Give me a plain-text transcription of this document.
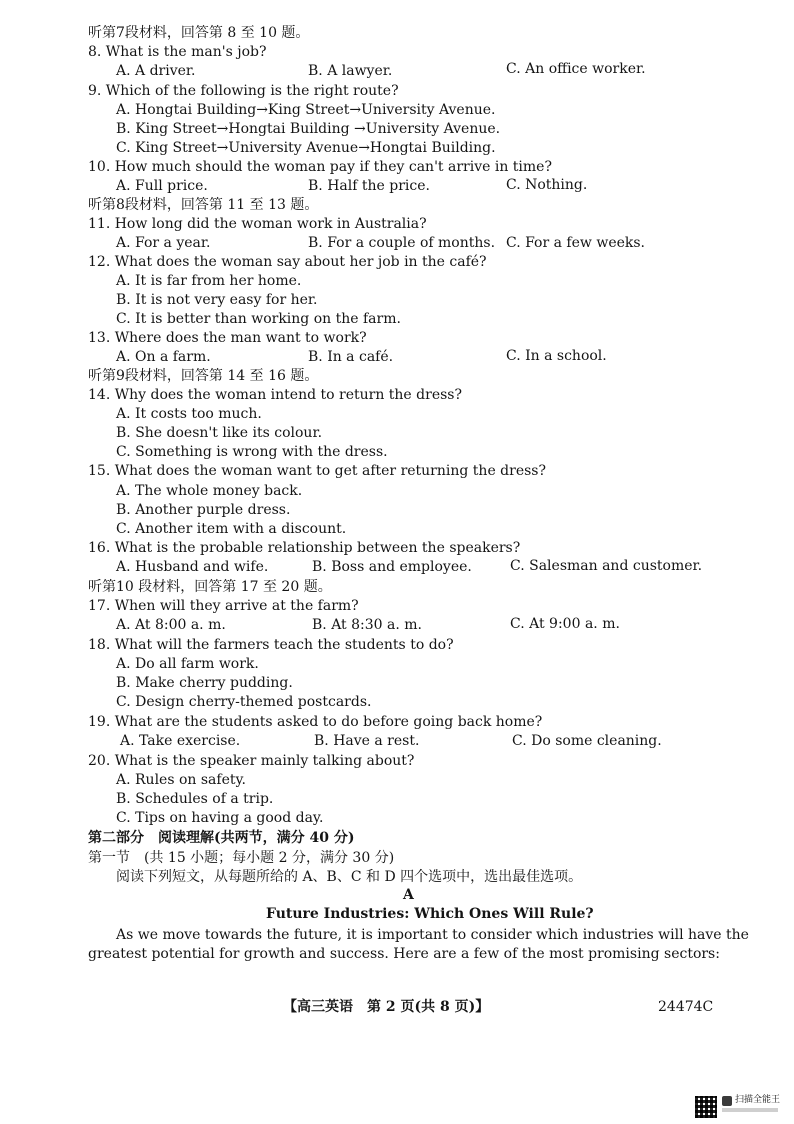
听第7段材料，回答第 8 至 10 题。
8. What is the man's job?
A. A driver.	B. A lawyer.	C. An office worker.
9. Which of the following is the right route?
A. Hongtai Building→King Street→University Avenue.
B. King Street→Hongtai Building →University Avenue.
C. King Street→University Avenue→Hongtai Building.
10. How much should the woman pay if they can't arrive in time?
A. Full price.	B. Half the price.	C. Nothing.
听第8段材料，回答第 11 至 13 题。
11. How long did the woman work in Australia?
A. For a year.	B. For a couple of months. C. For a few weeks.
12. What does the woman say about her job in the café?
A. It is far from her home.
B. It is not very easy for her.
C. It is better than working on the farm.
13. Where does the man want to work?
A. On a farm.	B. In a café.	C. In a school.
听第9段材料，回答第 14 至 16 题。
14. Why does the woman intend to return the dress?
A. It costs too much.
B. She doesn't like its colour.
C. Something is wrong with the dress.
15. What does the woman want to get after returning the dress?
A. The whole money back.
B. Another purple dress.
C. Another item with a discount.
16. What is the probable relationship between the speakers?
A. Husband and wife.	B. Boss and employee.	C. Salesman and customer.
听第10 段材料，回答第 17 至 20 题。
17. When will they arrive at the farm?
A. At 8:00 a. m.	B. At 8:30 a. m.	C. At 9:00 a. m.
18. What will the farmers teach the students to do?
A. Do all farm work.
B. Make cherry pudding.
C. Design cherry-themed postcards.
19. What are the students asked to do before going back home?
A. Take exercise.	B. Have a rest.	C. Do some cleaning.
20. What is the speaker mainly talking about?
A. Rules on safety.
B. Schedules of a trip.
C. Tips on having a good day.
第二部分　阅读理解(共两节，满分 40 分)
第一节　(共 15 小题；每小题 2 分，满分 30 分)
阅读下列短文，从每题所给的 A、B、C 和 D 四个选项中，选出最佳选项。
A
Future Industries: Which Ones Will Rule?
As we move towards the future, it is important to consider which industries will have the
greatest potential for growth and success. Here are a few of the most promising sectors:
【高三英语　第 2 页(共 8 页)】	24474C
扫描全能王
